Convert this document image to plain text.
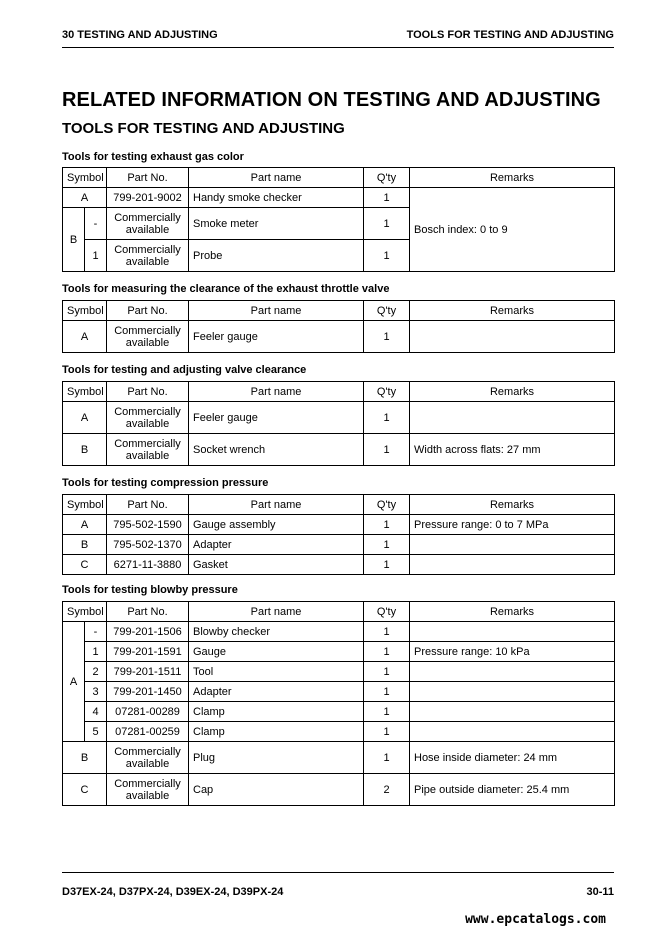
30 TESTING AND ADJUSTING	TOOLS FOR TESTING AND ADJUSTING
RELATED INFORMATION ON TESTING AND ADJUSTING
TOOLS FOR TESTING AND ADJUSTING
Tools for testing exhaust gas color
Symbol		Part No.	Part name	Q'ty	Remarks
A		799-201-9002	Handy smoke checker	1	Bosch index: 0 to 9
B	-	Commercially available	Smoke meter	1	
	1	Commercially available	Probe	1	
Tools for measuring the clearance of the exhaust throttle valve
Symbol	Part No.	Part name	Q'ty	Remarks
A	Commercially available	Feeler gauge	1	
Tools for testing and adjusting valve clearance
Symbol	Part No.	Part name	Q'ty	Remarks
A	Commercially available	Feeler gauge	1	
B	Commercially available	Socket wrench	1	Width across flats: 27 mm
Tools for testing compression pressure
Symbol	Part No.	Part name	Q'ty	Remarks
A	795-502-1590	Gauge assembly	1	Pressure range: 0 to 7 MPa
B	795-502-1370	Adapter	1	
C	6271-11-3880	Gasket	1	
Tools for testing blowby pressure
Symbol		Part No.	Part name	Q'ty	Remarks
A	-	799-201-1506	Blowby checker	1	
	1	799-201-1591	Gauge	1	Pressure range: 10 kPa
	2	799-201-1511	Tool	1	
	3	799-201-1450	Adapter	1	
	4	07281-00289	Clamp	1	
	5	07281-00259	Clamp	1	
B		Commercially available	Plug	1	Hose inside diameter: 24 mm
C		Commercially available	Cap	2	Pipe outside diameter: 25.4 mm
D37EX-24, D37PX-24, D39EX-24, D39PX-24	30-11
www.epcatalogs.com
